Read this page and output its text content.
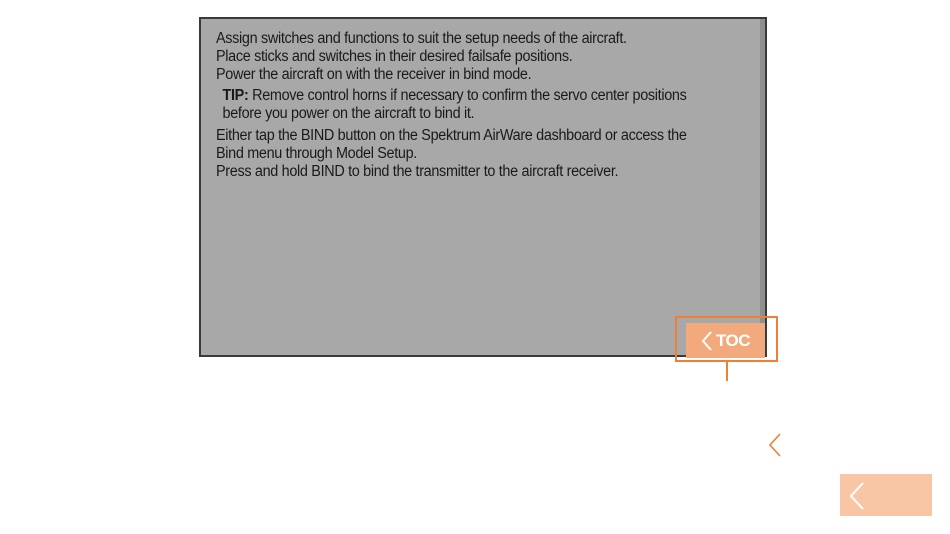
Assign switches and functions to suit the setup needs of the aircraft.
Place sticks and switches in their desired failsafe positions.
Power the aircraft on with the receiver in bind mode.
TIP: Remove control horns if necessary to confirm the servo center positions
before you power on the aircraft to bind it.
Either tap the BIND button on the Spektrum AirWare dashboard or access the
Bind menu through Model Setup.
Press and hold BIND to bind the transmitter to the aircraft receiver.
TOC
